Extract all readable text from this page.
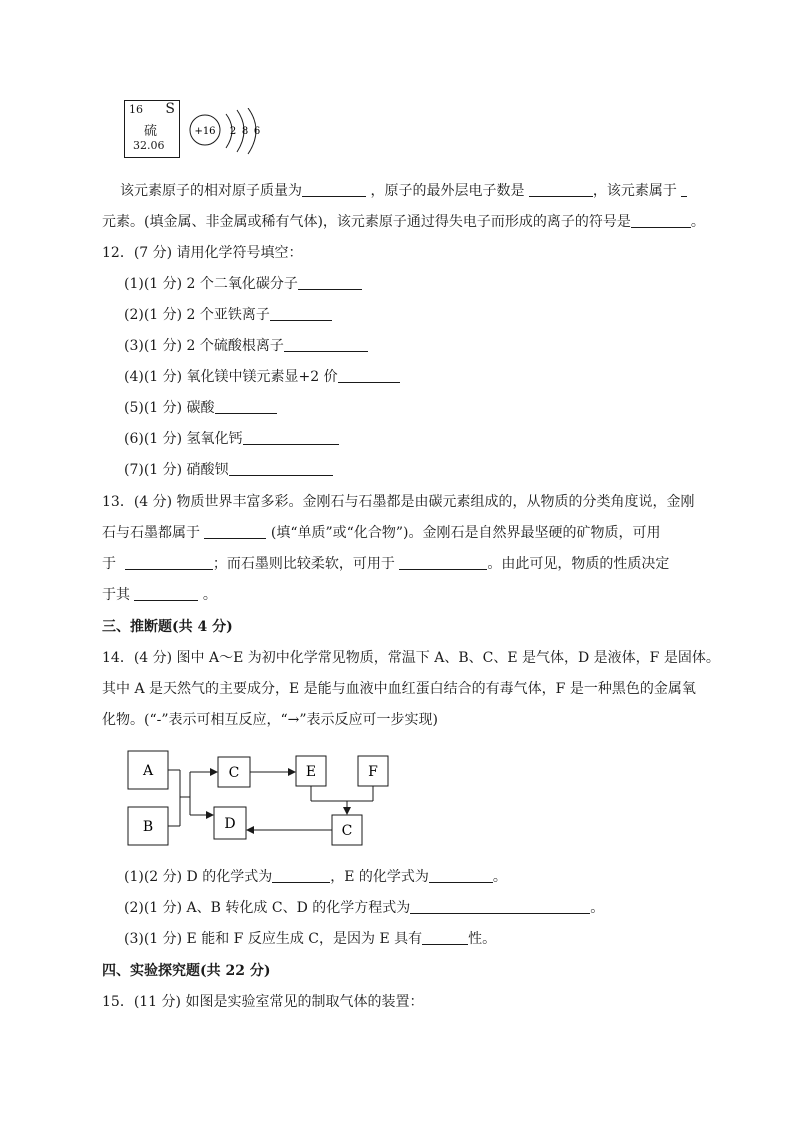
16 S
硫
32.06
+16 2 8 6
该元素原子的相对原子质量为	，原子的最外层电子数是	，该元素属于
元素。(填金属、非金属或稀有气体)，该元素原子通过得失电子而形成的离子的符号是	。
12．(7 分) 请用化学符号填空：
(1)(1 分) 2 个二氧化碳分子
(2)(1 分) 2 个亚铁离子
(3)(1 分) 2 个硫酸根离子
(4)(1 分) 氧化镁中镁元素显+2 价
(5)(1 分) 碳酸
(6)(1 分) 氢氧化钙
(7)(1 分) 硝酸钡
13．(4 分) 物质世界丰富多彩。金刚石与石墨都是由碳元素组成的，从物质的分类角度说，金刚
石与石墨都属于	(填“单质”或“化合物”)。金刚石是自然界最坚硬的矿物质，可用
于	；而石墨则比较柔软，可用于	。由此可见，物质的性质决定
于其	。
三、推断题(共 4 分)
14．(4 分) 图中 A～E 为初中化学常见物质，常温下 A、B、C、E 是气体，D 是液体，F 是固体。
其中 A 是天然气的主要成分，E 是能与血液中血红蛋白结合的有毒气体，F 是一种黑色的金属氧
化物。(“-”表示可相互反应，“→”表示反应可一步实现)
A
B
C
D
E	F
C
(1)(2 分) D 的化学式为	，E 的化学式为	。
(2)(1 分) A、B 转化成 C、D 的化学方程式为	。
(3)(1 分) E 能和 F 反应生成 C，是因为 E 具有	性。
四、实验探究题(共 22 分)
15．(11 分) 如图是实验室常见的制取气体的装置：
